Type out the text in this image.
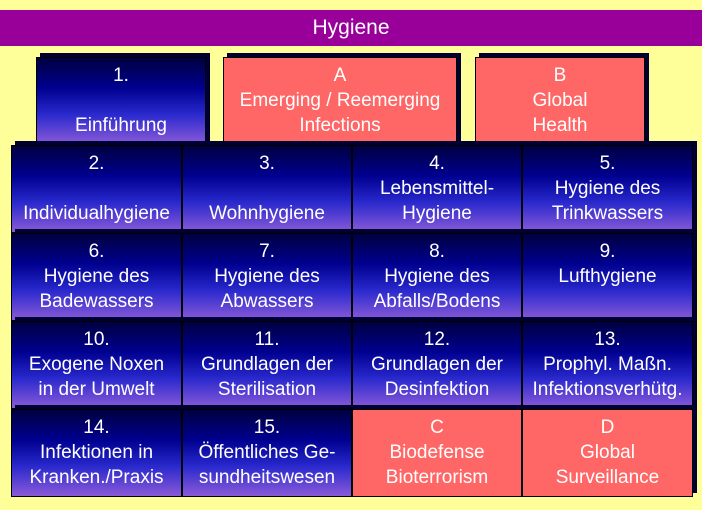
Hygiene
1.
Einführung
A
Emerging / Reemerging
Infections
B
Global
Health
2.
Individualhygiene
3.
Wohnhygiene
4.
Lebensmittel-
Hygiene
5.
Hygiene des
Trinkwassers
6.
Hygiene des
Badewassers
7.
Hygiene des
Abwassers
8.
Hygiene des
Abfalls/Bodens
9.
Lufthygiene
10.
Exogene Noxen
in der Umwelt
11.
Grundlagen der
Sterilisation
12.
Grundlagen der
Desinfektion
13.
Prophyl. Maßn.
Infektionsverhütg.
14.
Infektionen in
Kranken./Praxis
15.
Öffentliches Ge-
sundheitswesen
C
Biodefense
Bioterrorism
D
Global
Surveillance
